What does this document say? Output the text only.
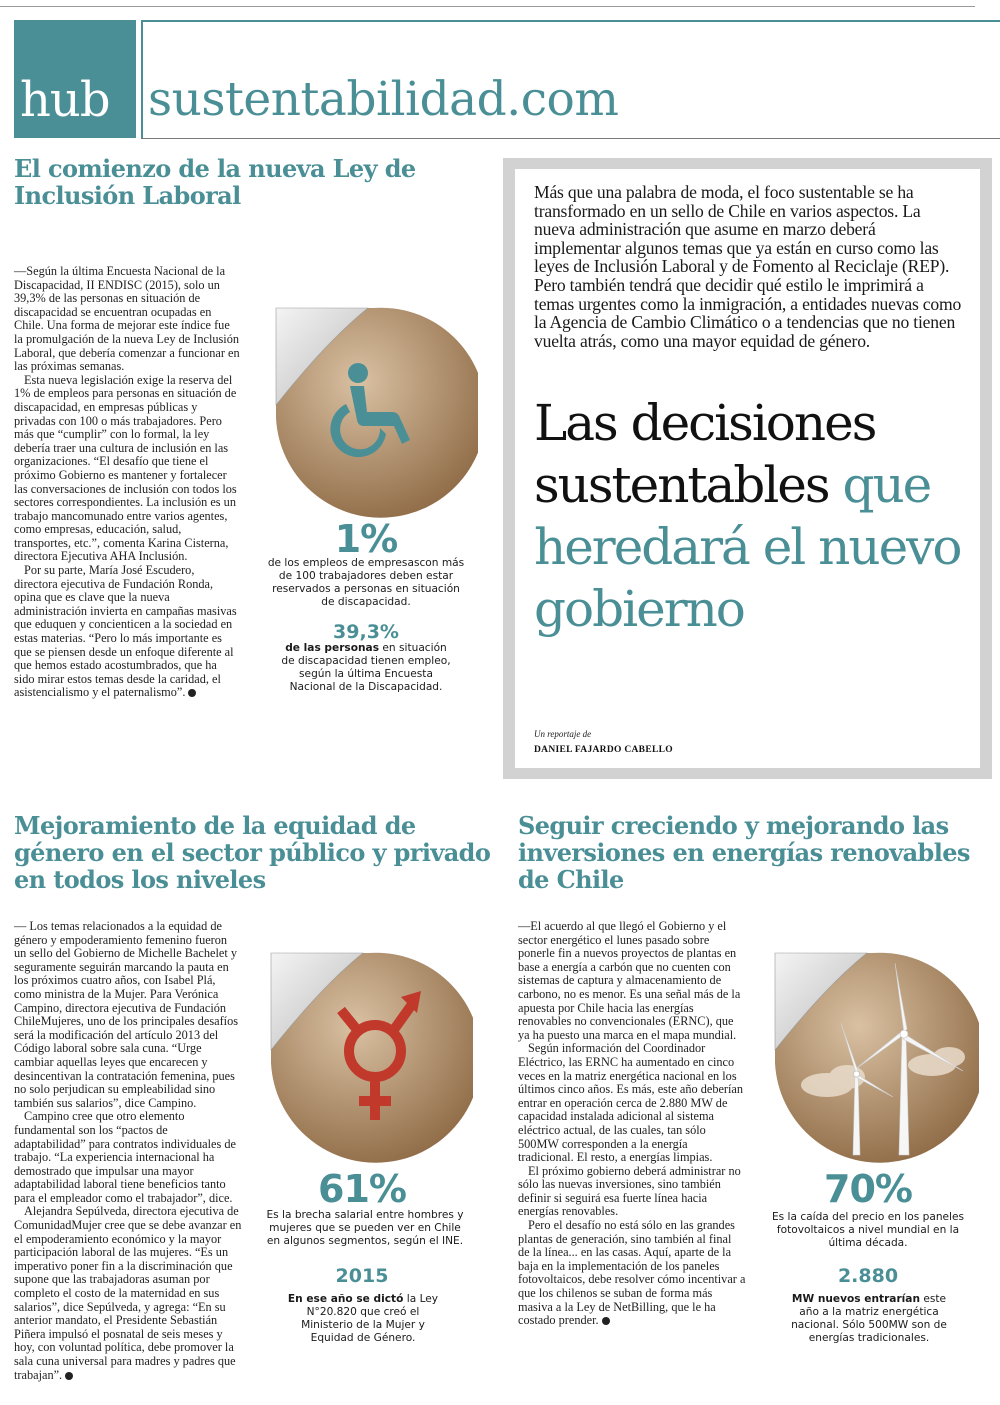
hub sustentabilidad.com
El comienzo de la nueva Ley de
Inclusión Laboral

—Según la última Encuesta Nacional de la Discapacidad, II ENDISC (2015), solo un 39,3% de las personas en situación de discapacidad se encuentran ocupadas en Chile. Una forma de mejorar este índice fue la promulgación de la nueva Ley de Inclusión Laboral, que debería comenzar a funcionar en las próximas semanas.

Esta nueva legislación exige la reserva del 1% de empleos para personas en situación de discapacidad, en empresas públicas y privadas con 100 o más trabajadores. Pero más que “cumplir” con lo formal, la ley debería traer una cultura de inclusión en las organizaciones. “El desafío que tiene el próximo Gobierno es mantener y fortalecer las conversaciones de inclusión con todos los sectores correspondientes. La inclusión es un trabajo mancomunado entre varios agentes, como empresas, educación, salud, transportes, etc.”, comenta Karina Cisterna, directora Ejecutiva AHA Inclusión.

Por su parte, María José Escudero, directora ejecutiva de Fundación Ronda, opina que es clave que la nueva administración invierta en campañas masivas que eduquen y concienticen a la sociedad en estas materias. “Pero lo más importante es que se piensen desde un enfoque diferente al que hemos estado acostumbrados, que ha sido mirar estos temas desde la caridad, el asistencialismo y el paternalismo”.

1%
de los empleos de empresascon más de 100 trabajadores deben estar reservados a personas en situación de discapacidad.
39,3%
de las personas en situación de discapacidad tienen empleo, según la última Encuesta Nacional de la Discapacidad.
Más que una palabra de moda, el foco sustentable se ha transformado en un sello de Chile en varios aspectos. La nueva administración que asume en marzo deberá implementar algunos temas que ya están en curso como las leyes de Inclusión Laboral y de Fomento al Reciclaje (REP). Pero también tendrá que decidir qué estilo le imprimirá a temas urgentes como la inmigración, a entidades nuevas como la Agencia de Cambio Climático o a tendencias que no tienen vuelta atrás, como una mayor equidad de género.
Las decisiones sustentables que heredará el nuevo gobierno
Un reportaje de
DANIEL FAJARDO CABELLO
Mejoramiento de la equidad de
género en el sector público y privado
en todos los niveles

— Los temas relacionados a la equidad de género y empoderamiento femenino fueron un sello del Gobierno de Michelle Bachelet y seguramente seguirán marcando la pauta en los próximos cuatro años, con Isabel Plá, como ministra de la Mujer. Para Verónica Campino, directora ejecutiva de Fundación ChileMujeres, uno de los principales desafíos será la modificación del artículo 2013 del Código laboral sobre sala cuna. “Urge cambiar aquellas leyes que encarecen y desincentivan la contratación femenina, pues no solo perjudican su empleabilidad sino también sus salarios”, dice Campino.

Campino cree que otro elemento fundamental son los “pactos de adaptabilidad” para contratos individuales de trabajo. “La experiencia internacional ha demostrado que impulsar una mayor adaptabilidad laboral tiene beneficios tanto para el empleador como el trabajador”, dice.

Alejandra Sepúlveda, directora ejecutiva de ComunidadMujer cree que se debe avanzar en el empoderamiento económico y la mayor participación laboral de las mujeres. “Es un imperativo poner fin a la discriminación que supone que las trabajadoras asuman por completo el costo de la maternidad en sus salarios”, dice Sepúlveda, y agrega: “En su anterior mandato, el Presidente Sebastián Piñera impulsó el posnatal de seis meses y hoy, con voluntad política, debe promover la sala cuna universal para madres y padres que trabajan”.

61%
Es la brecha salarial entre hombres y mujeres que se pueden ver en Chile en algunos segmentos, según el INE.
2015
En ese año se dictó la Ley N°20.820 que creó el Ministerio de la Mujer y Equidad de Género.
Seguir creciendo y mejorando las
inversiones en energías renovables
de Chile

—El acuerdo al que llegó el Gobierno y el sector energético el lunes pasado sobre ponerle fin a nuevos proyectos de plantas en base a energía a carbón que no cuenten con sistemas de captura y almacenamiento de carbono, no es menor. Es una señal más de la apuesta por Chile hacia las energías renovables no convencionales (ERNC), que ya ha puesto una marca en el mapa mundial.

Según información del Coordinador Eléctrico, las ERNC ha aumentado en cinco veces en la matriz energética nacional en los últimos cinco años. Es más, este año deberían entrar en operación cerca de 2.880 MW de capacidad instalada adicional al sistema eléctrico actual, de las cuales, tan sólo 500MW corresponden a la energía tradicional. El resto, a energías limpias.

El próximo gobierno deberá administrar no sólo las nuevas inversiones, sino también definir si seguirá esa fuerte línea hacia energías renovables.

Pero el desafío no está sólo en las grandes plantas de generación, sino también al final de la línea... en las casas. Aquí, aparte de la baja en la implementación de los paneles fotovoltaicos, debe resolver cómo incentivar a que los chilenos se suban de forma más masiva a la Ley de NetBilling, que le ha costado prender.

70%
Es la caída del precio en los paneles fotovoltaicos a nivel mundial en la última década.
2.880
MW nuevos entrarían este año a la matriz energética nacional. Sólo 500MW son de energías tradicionales.
